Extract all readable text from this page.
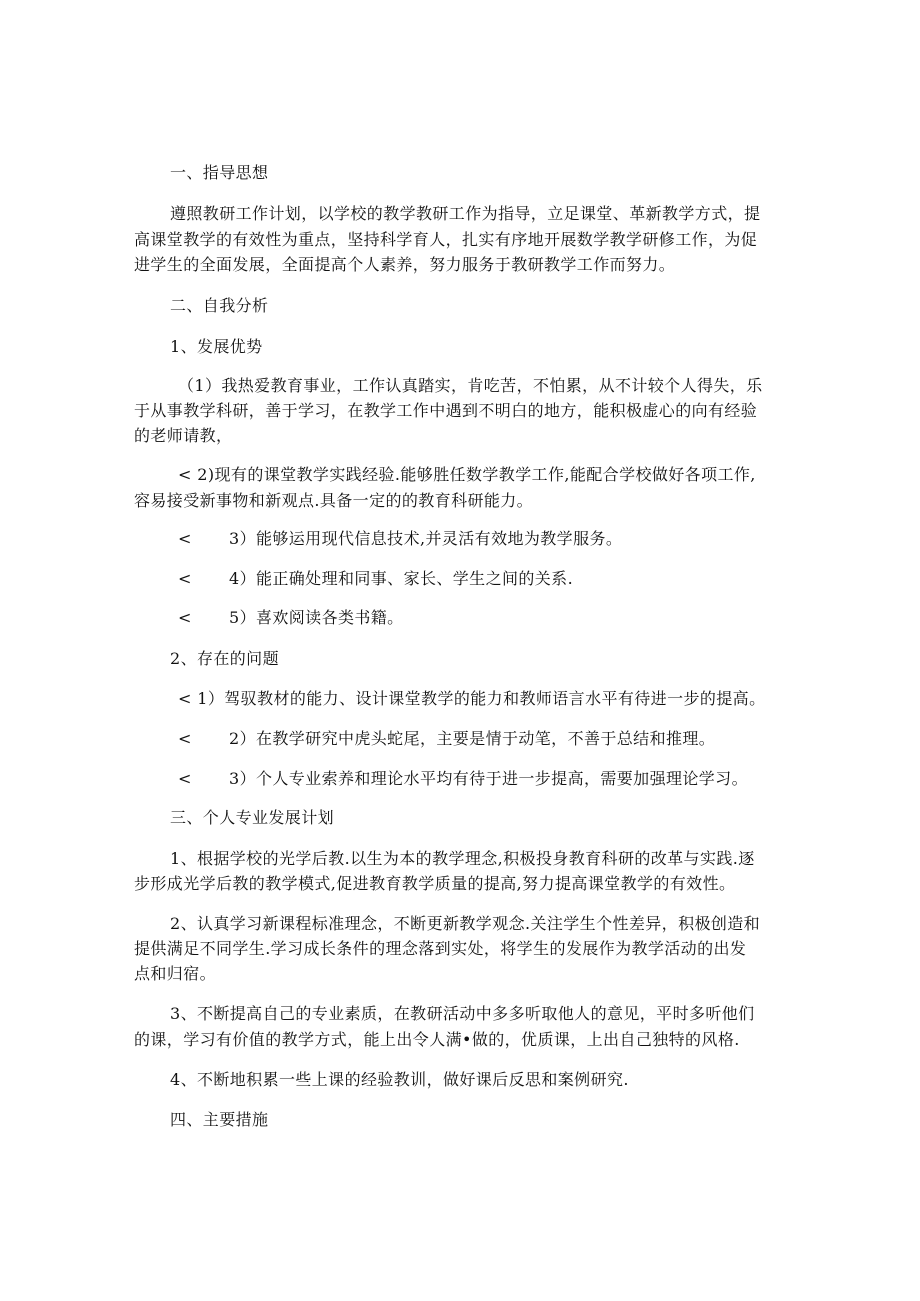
一、指导思想
遵照教研工作计划，以学校的教学教研工作为指导，立足课堂、革新教学方式，提
高课堂教学的有效性为重点，坚持科学育人，扎实有序地开展数学教学研修工作，为促
进学生的全面发展，全面提高个人素养，努力服务于教研教学工作而努力。
二、自我分析
1、发展优势
（1）我热爱教育事业，工作认真踏实，肯吃苦，不怕累，从不计较个人得失，乐
于从事教学科研，善于学习，在教学工作中遇到不明白的地方，能积极虚心的向有经验
的老师请教，
< 2)现有的课堂教学实践经验.能够胜任数学教学工作,能配合学校做好各项工作,
容易接受新事物和新观点.具备一定的的教育科研能力。
< 3）能够运用现代信息技术,并灵活有效地为教学服务。
< 4）能正确处理和同事、家长、学生之间的关系.
< 5）喜欢阅读各类书籍。
2、存在的问题
< 1）驾驭教材的能力、设计课堂教学的能力和教师语言水平有待进一步的提高。
< 2）在教学研究中虎头蛇尾，主要是情于动笔，不善于总结和推理。
< 3）个人专业索养和理论水平均有待于进一步提高，需要加强理论学习。
三、个人专业发展计划
1、根据学校的光学后教.以生为本的教学理念,积极投身教育科研的改革与实践.逐
步形成光学后教的教学模式,促进教育教学质量的提高,努力提高课堂教学的有效性。
2、认真学习新课程标准理念，不断更新教学观念.关注学生个性差异，积极创造和
提供满足不同学生.学习成长条件的理念落到实处，将学生的发展作为教学活动的出发
点和归宿。
3、不断提高自己的专业素质，在教研活动中多多听取他人的意见，平时多听他们
的课，学习有价值的教学方式，能上出令人满•做的，优质课，上出自己独特的风格.
4、不断地积累一些上课的经验教训，做好课后反思和案例研究.
四、主要措施
